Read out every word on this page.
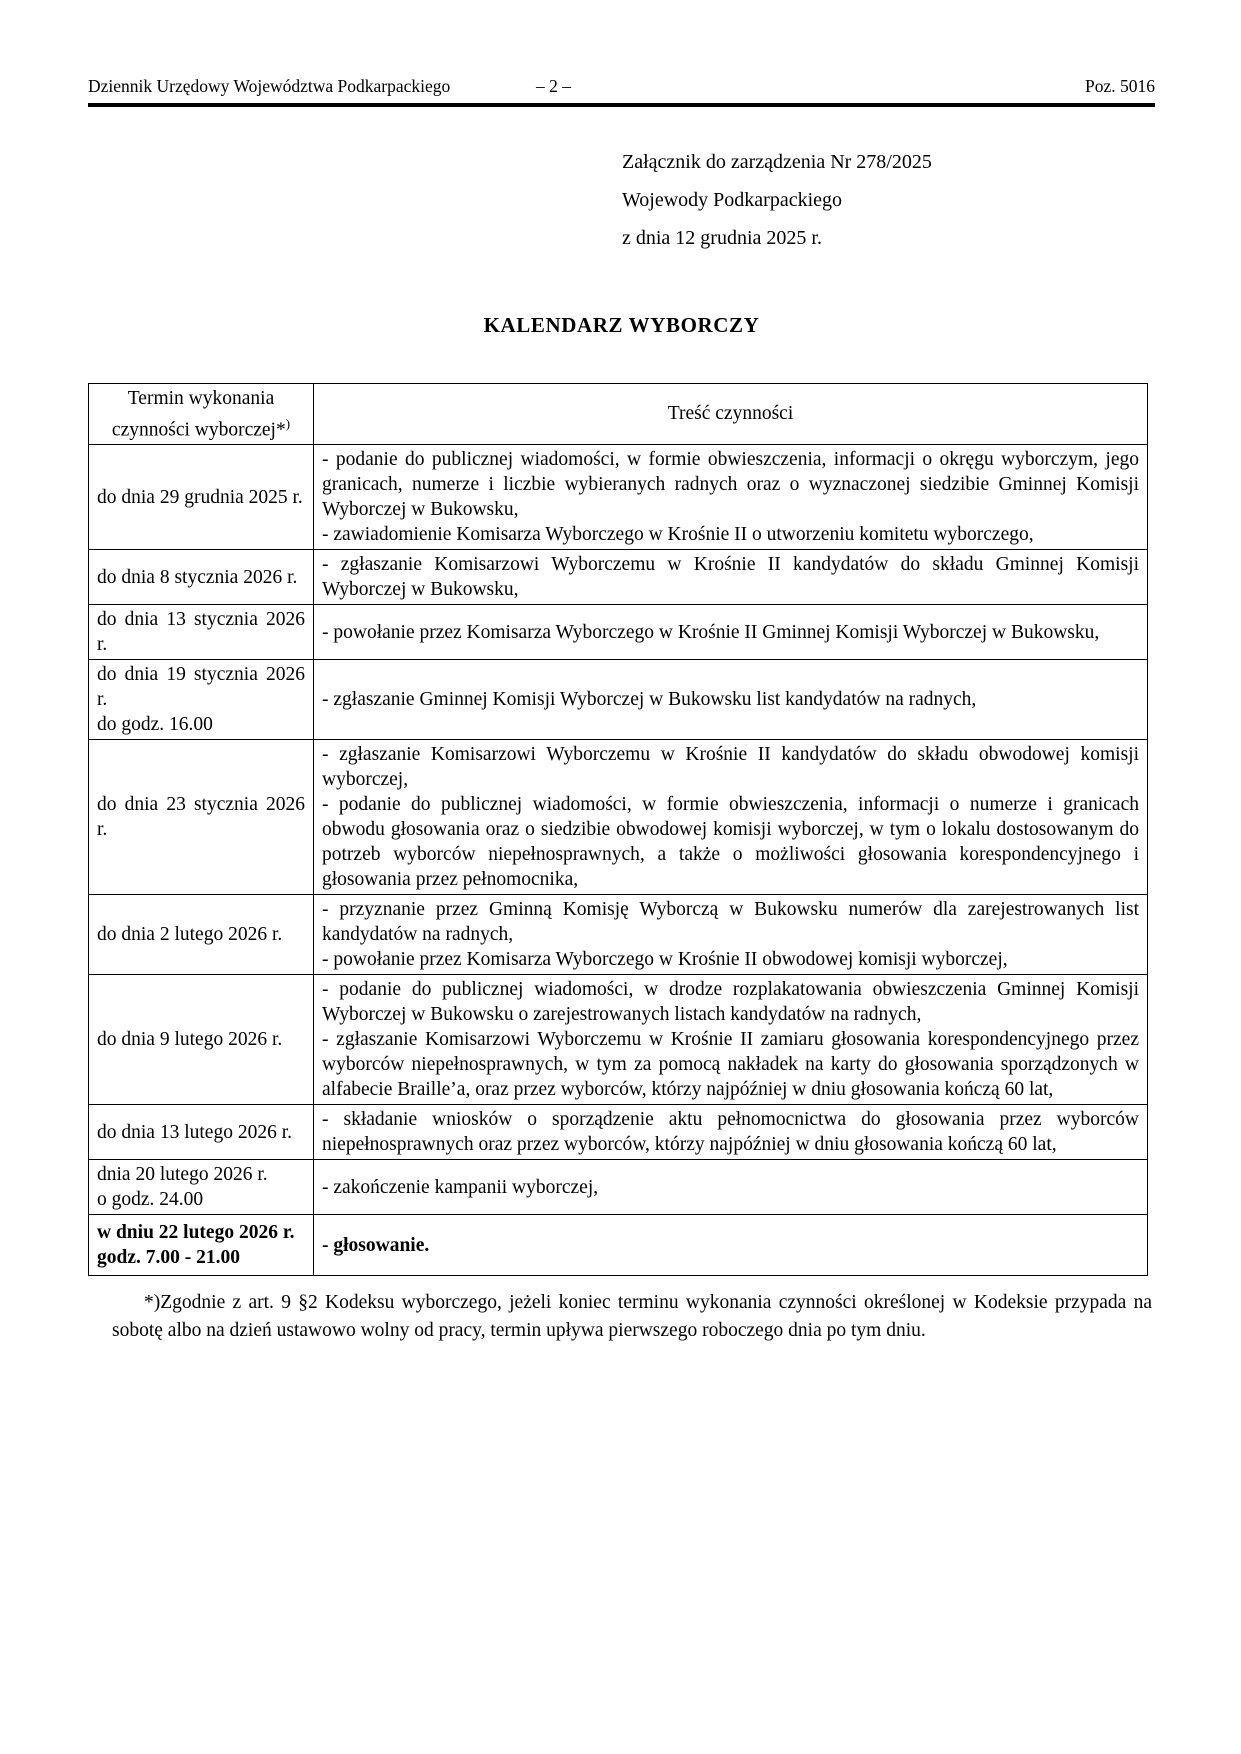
Dziennik Urzędowy Województwa Podkarpackiego	– 2 –	Poz. 5016
Załącznik do zarządzenia Nr 278/2025
Wojewody Podkarpackiego
z dnia 12 grudnia 2025 r.
KALENDARZ WYBORCZY
Termin wykonania
czynności wyborczej*)	Treść czynności

do dnia 29 grudnia 2025 r.	- podanie do publicznej wiadomości, w formie obwieszczenia, informacji o okręgu wyborczym, jego granicach, numerze i liczbie wybieranych radnych oraz o wyznaczonej siedzibie Gminnej Komisji Wyborczej w Bukowsku,

- zawiadomienie Komisarza Wyborczego w Krośnie II o utworzeniu komitetu wyborczego,

do dnia 8 stycznia 2026 r.	- zgłaszanie Komisarzowi Wyborczemu w Krośnie II kandydatów do składu Gminnej Komisji Wyborczej w Bukowsku,

do dnia 13 stycznia 2026 r.	- powołanie przez Komisarza Wyborczego w Krośnie II Gminnej Komisji Wyborczej w Bukowsku,

do dnia 19 stycznia 2026 r.
do godz. 16.00	- zgłaszanie Gminnej Komisji Wyborczej w Bukowsku list kandydatów na radnych,

do dnia 23 stycznia 2026 r.	- zgłaszanie Komisarzowi Wyborczemu w Krośnie II kandydatów do składu obwodowej komisji wyborczej,

- podanie do publicznej wiadomości, w formie obwieszczenia, informacji o numerze i granicach obwodu głosowania oraz o siedzibie obwodowej komisji wyborczej, w tym o lokalu dostosowanym do potrzeb wyborców niepełnosprawnych, a także o możliwości głosowania korespondencyjnego i głosowania przez pełnomocnika,

do dnia 2 lutego 2026 r.	- przyznanie przez Gminną Komisję Wyborczą w Bukowsku numerów dla zarejestrowanych list kandydatów na radnych,

- powołanie przez Komisarza Wyborczego w Krośnie II obwodowej komisji wyborczej,

do dnia 9 lutego 2026 r.	- podanie do publicznej wiadomości, w drodze rozplakatowania obwieszczenia Gminnej Komisji Wyborczej w Bukowsku o zarejestrowanych listach kandydatów na radnych,

- zgłaszanie Komisarzowi Wyborczemu w Krośnie II zamiaru głosowania korespondencyjnego przez wyborców niepełnosprawnych, w tym za pomocą nakładek na karty do głosowania sporządzonych w alfabecie Braille’a, oraz przez wyborców, którzy najpóźniej w dniu głosowania kończą 60 lat,

do dnia 13 lutego 2026 r.	- składanie wniosków o sporządzenie aktu pełnomocnictwa do głosowania przez wyborców niepełnosprawnych oraz przez wyborców, którzy najpóźniej w dniu głosowania kończą 60 lat,

dnia 20 lutego 2026 r.
o godz. 24.00	- zakończenie kampanii wyborczej,

w dniu 22 lutego 2026 r.
godz. 7.00 - 21.00	- głosowanie.

*)Zgodnie z art. 9 §2 Kodeksu wyborczego, jeżeli koniec terminu wykonania czynności określonej w Kodeksie przypada na sobotę albo na dzień ustawowo wolny od pracy, termin upływa pierwszego roboczego dnia po tym dniu.
